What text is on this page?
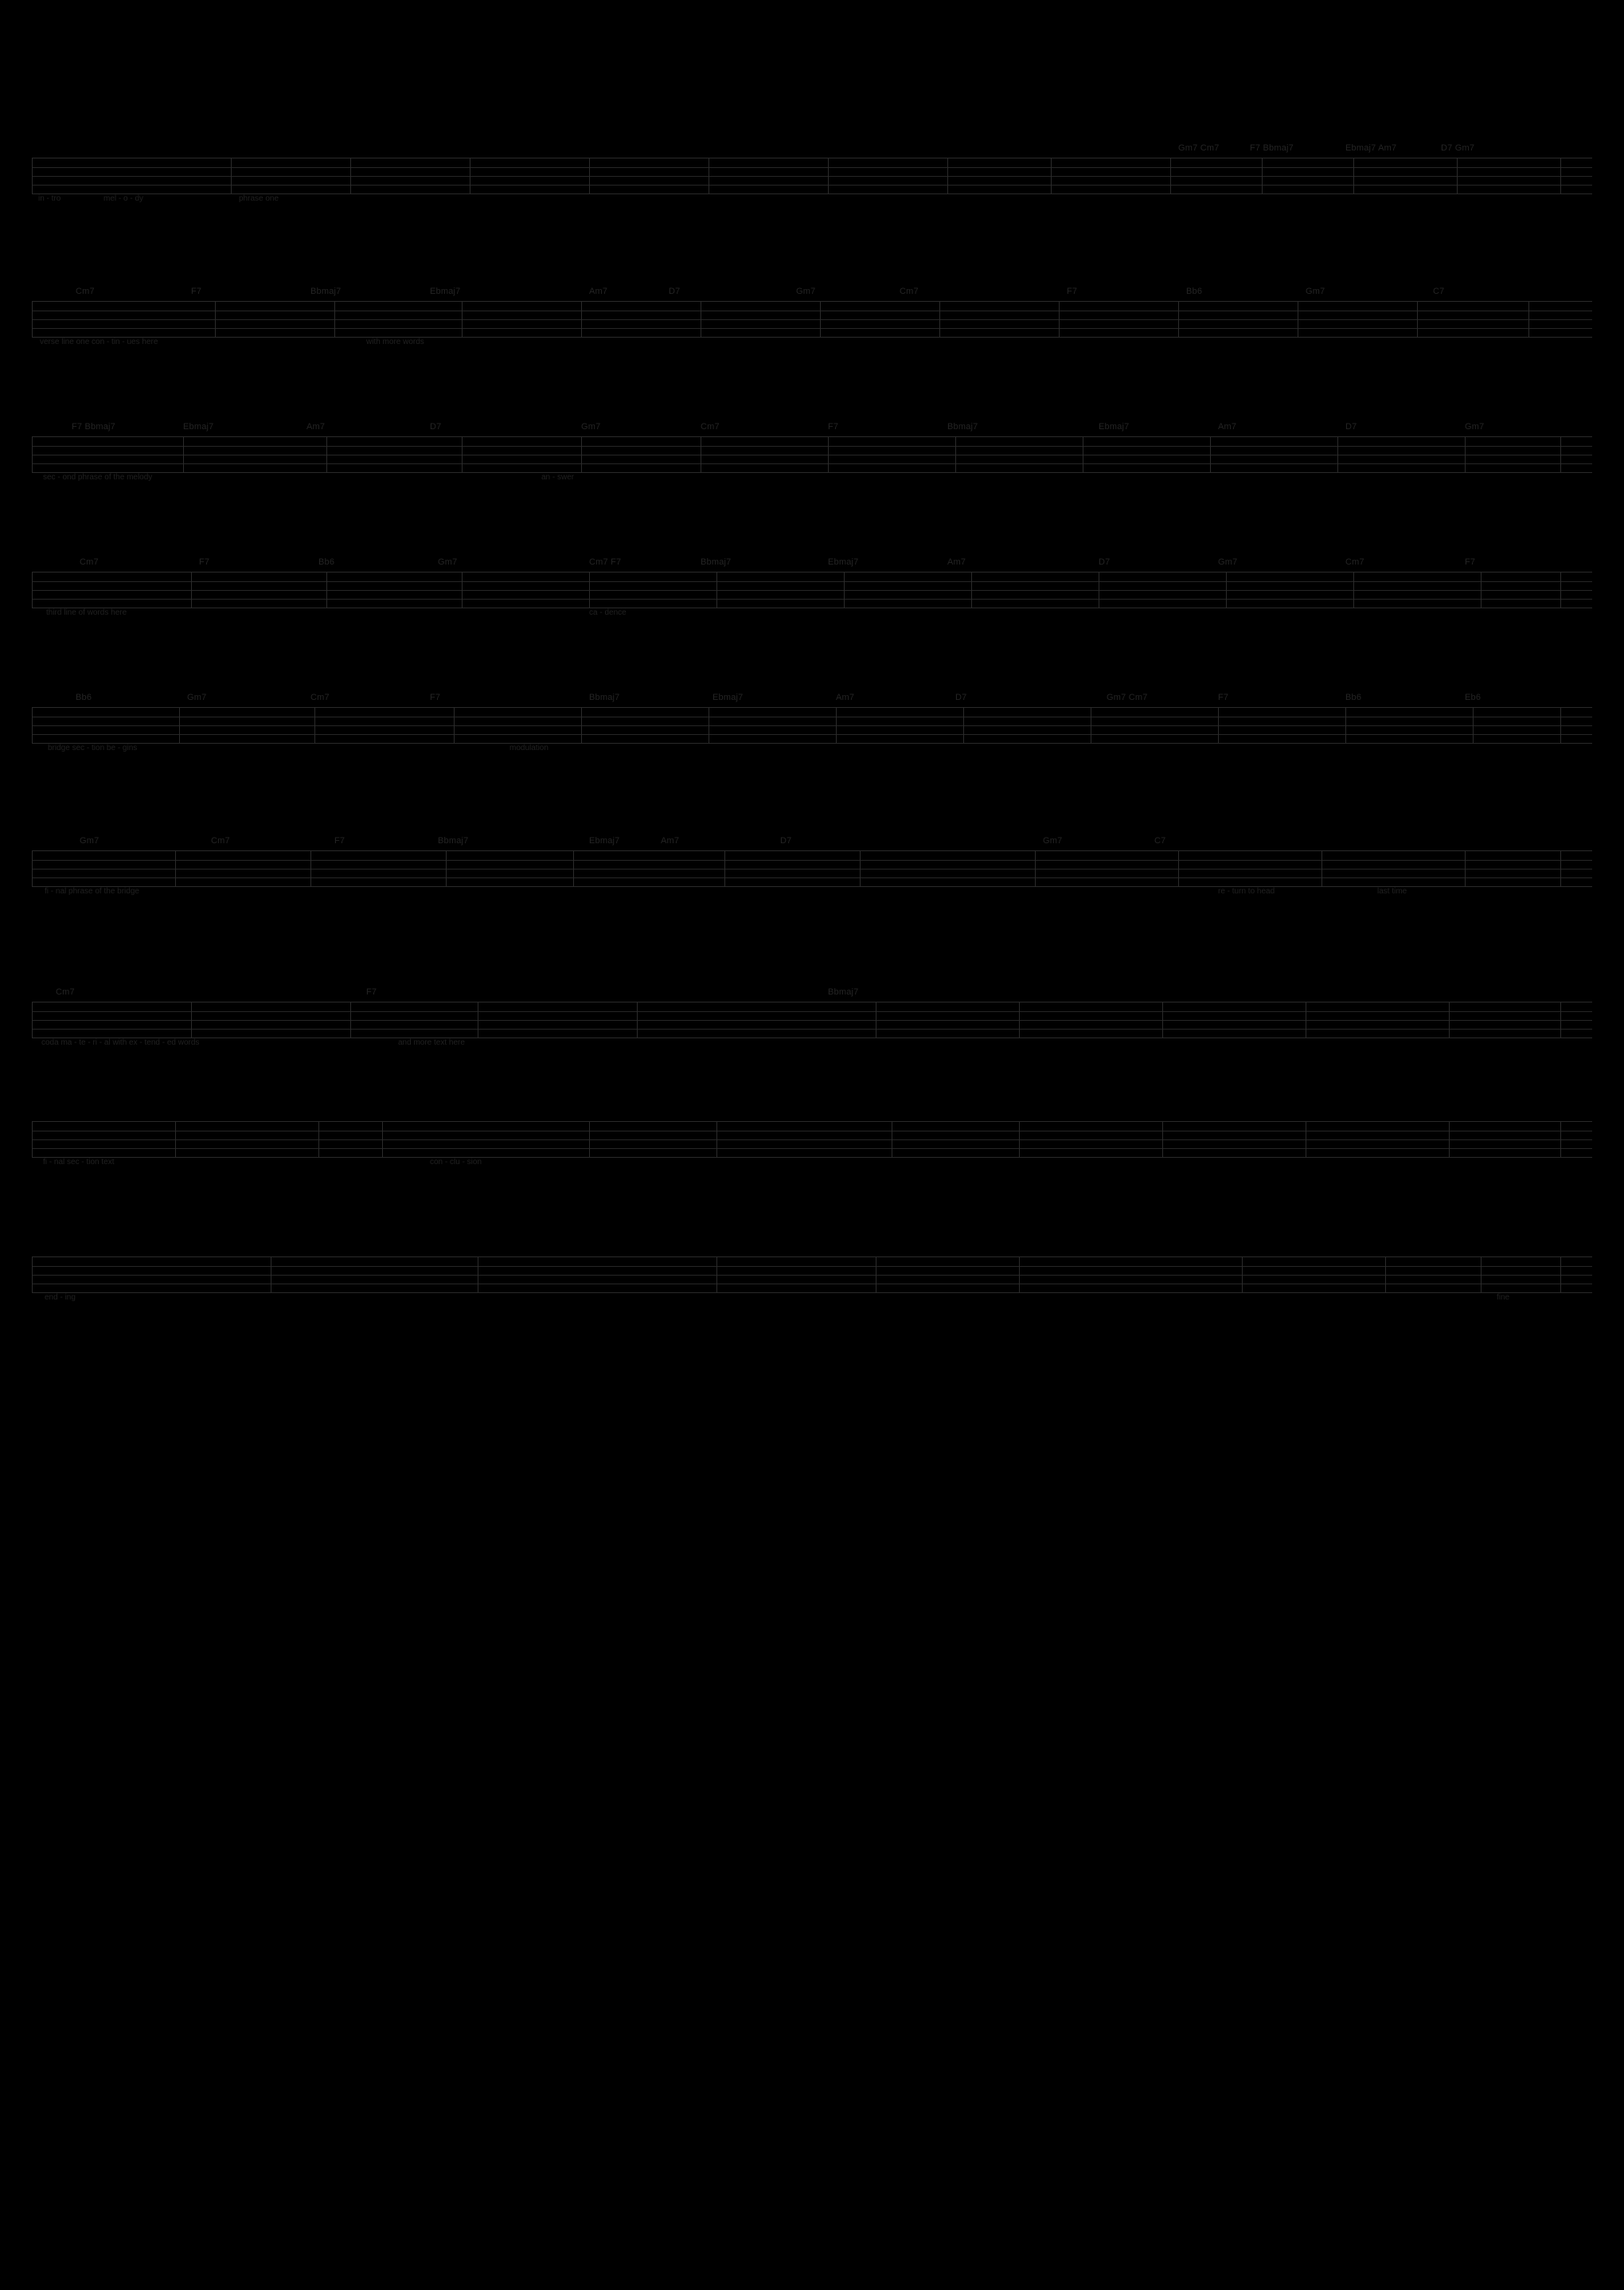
Gm7 Cm7	F7 Bbmaj7	Ebmaj7 Am7	D7 Gm7
in - tro	mel - o - dy	phrase one
Cm7	F7	Bbmaj7	Ebmaj7	Am7	D7	Gm7	Cm7	F7	Bb6	Gm7	C7
verse line one con - tin - ues here	with more words
F7 Bbmaj7	Ebmaj7	Am7	D7	Gm7	Cm7	F7	Bbmaj7	Ebmaj7	Am7	D7	Gm7
sec - ond phrase of the melody	an - swer
Cm7	F7	Bb6	Gm7	Cm7 F7	Bbmaj7	Ebmaj7	Am7	D7	Gm7	Cm7	F7
third line of words here	ca - dence
Bb6	Gm7	Cm7	F7	Bbmaj7	Ebmaj7	Am7	D7	Gm7 Cm7	F7	Bb6	Eb6
bridge sec - tion be - gins	modulation
Gm7	Cm7	F7	Bbmaj7	Ebmaj7	Am7	D7	Gm7	C7
fi - nal phrase of the bridge	re - turn to head	last time
Cm7	F7	Bbmaj7
coda ma - te - ri - al with ex - tend - ed words	and more text here
fi - nal sec - tion text	con - clu - sion
end - ing	fine
